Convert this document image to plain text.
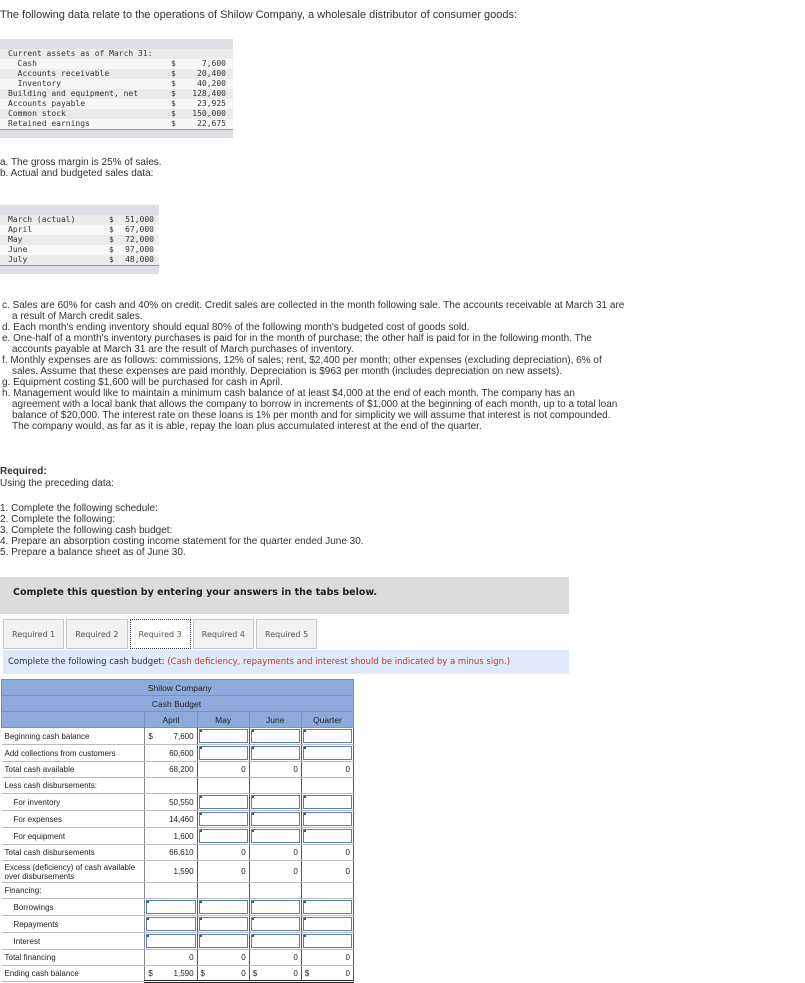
The following data relate to the operations of Shilow Company, a wholesale distributor of consumer goods:
Current assets as of March 31:
Cash	$	7,600
Accounts receivable	$	20,400
Inventory	$	40,200
Building and equipment, net	$	128,400
Accounts payable	$	23,925
Common stock	$	150,000
Retained earnings	$	22,675
a. The gross margin is 25% of sales.
b. Actual and budgeted sales data:
March (actual)	$	51,000
April	$	67,000
May	$	72,000
June	$	97,000
July	$	48,000

c. Sales are 60% for cash and 40% on credit. Credit sales are collected in the month following sale. The accounts receivable at March 31 are a result of March credit sales.

d. Each month's ending inventory should equal 80% of the following month's budgeted cost of goods sold.

e. One-half of a month's inventory purchases is paid for in the month of purchase; the other half is paid for in the following month. The accounts payable at March 31 are the result of March purchases of inventory.

f. Monthly expenses are as follows: commissions, 12% of sales; rent, $2,400 per month; other expenses (excluding depreciation), 6% of sales. Assume that these expenses are paid monthly. Depreciation is $963 per month (includes depreciation on new assets).

g. Equipment costing $1,600 will be purchased for cash in April.

h. Management would like to maintain a minimum cash balance of at least $4,000 at the end of each month. The company has an agreement with a local bank that allows the company to borrow in increments of $1,000 at the beginning of each month, up to a total loan balance of $20,000. The interest rate on these loans is 1% per month and for simplicity we will assume that interest is not compounded. The company would, as far as it is able, repay the loan plus accumulated interest at the end of the quarter.

Required:
Using the preceding data:
1. Complete the following schedule:
2. Complete the following:
3. Complete the following cash budget:
4. Prepare an absorption costing income statement for the quarter ended June 30.
5. Prepare a balance sheet as of June 30.
Complete this question by entering your answers in the tabs below.
Required 1	Required 2	Required 3	Required 4	Required 5
Complete the following cash budget: (Cash deficiency, repayments and interest should be indicated by a minus sign.)
	Shilow Company			
	Cash Budget			
	April	May	June	Quarter
Beginning cash balance	$ 7,600	

Add collections from customers	60,600	

Total cash available	68,200	0	0	0
Less cash disbursements:				
For inventory	50,550	

For expenses	14,460	

For equipment	1,600	

Total cash disbursements	66,610	0	0	0
Excess (deficiency) of cash available over disbursements	1,590	0	0	0
Financing:				
Borrowings	

Repayments	

Interest	

Total financing	0	0	0	0
Ending cash balance	$ 1,590	$ 0	$ 0	$ 0
